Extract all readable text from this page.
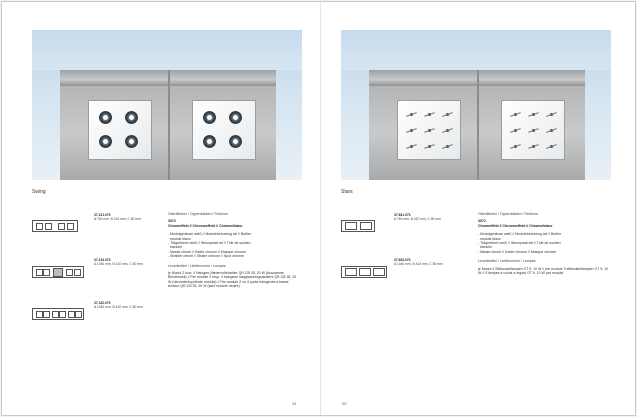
Swing
37.131.073
A 760 mm, B 410 mm, C 80 mm
37.133.073
A 1040 mm, B 410 mm, C 80 mm
37.132.073
A 1040 mm, B 410 mm, C 80 mm
Oberflächen / Oppervlakken / Finitions:
3072
Chromeffekt // Chroomeffekt // Chrome/blanc
- Modulgehäuse weiß // Modulebehuizing wit // Boîtier
module blanc
- Trägerblech weiß // Steunplaat wit // Tôle de soutien
blanche
- Maske chrom // Kader chroom // Masque chrome
- Strahler chrom // Straler chroom // Spot chrome
Leuchtmittel / Lichtbronnen / Lampes:
je Modul 2 bzw. 4 Halogen-Niedervoltstrahler QR-CB 35, 20 W (Ausnahme Blindmodul) // Per module 2 resp. 4 halogeen laagspanningsstralers QR-CB 35, 20 W (uitzondering blinde module) // Par module 2 ou 4 spots halogènes à basse tension QR-CB 35, 20 W (sauf module neutre)
34
Stars
37.631.073
A 760 mm, B 410 mm, C 80 mm
37.633.073
A 1040 mm, B 410 mm, C 80 mm
Oberflächen / Oppervlakken / Finitions:
3072
Chromeffekt // Chroomeffekt // Chrome/blanc
- Modulgehäuse weiß // Modulebehuizing wit // Boîtier
module blanc
- Trägerblech weiß // Steunplaat wit // Tôle de soutien
blanche
- Maske chrom // Kader chroom // Masque chrome
Leuchtmittel / Lichtbronnen / Lampes:
je Modul 9 Stiftsockellampen GT 9, 10 W // per module 9 stiftsokkellampen GT 9, 10 W // 9 lampes à culots à ergots GT 9, 10 W par module
35
